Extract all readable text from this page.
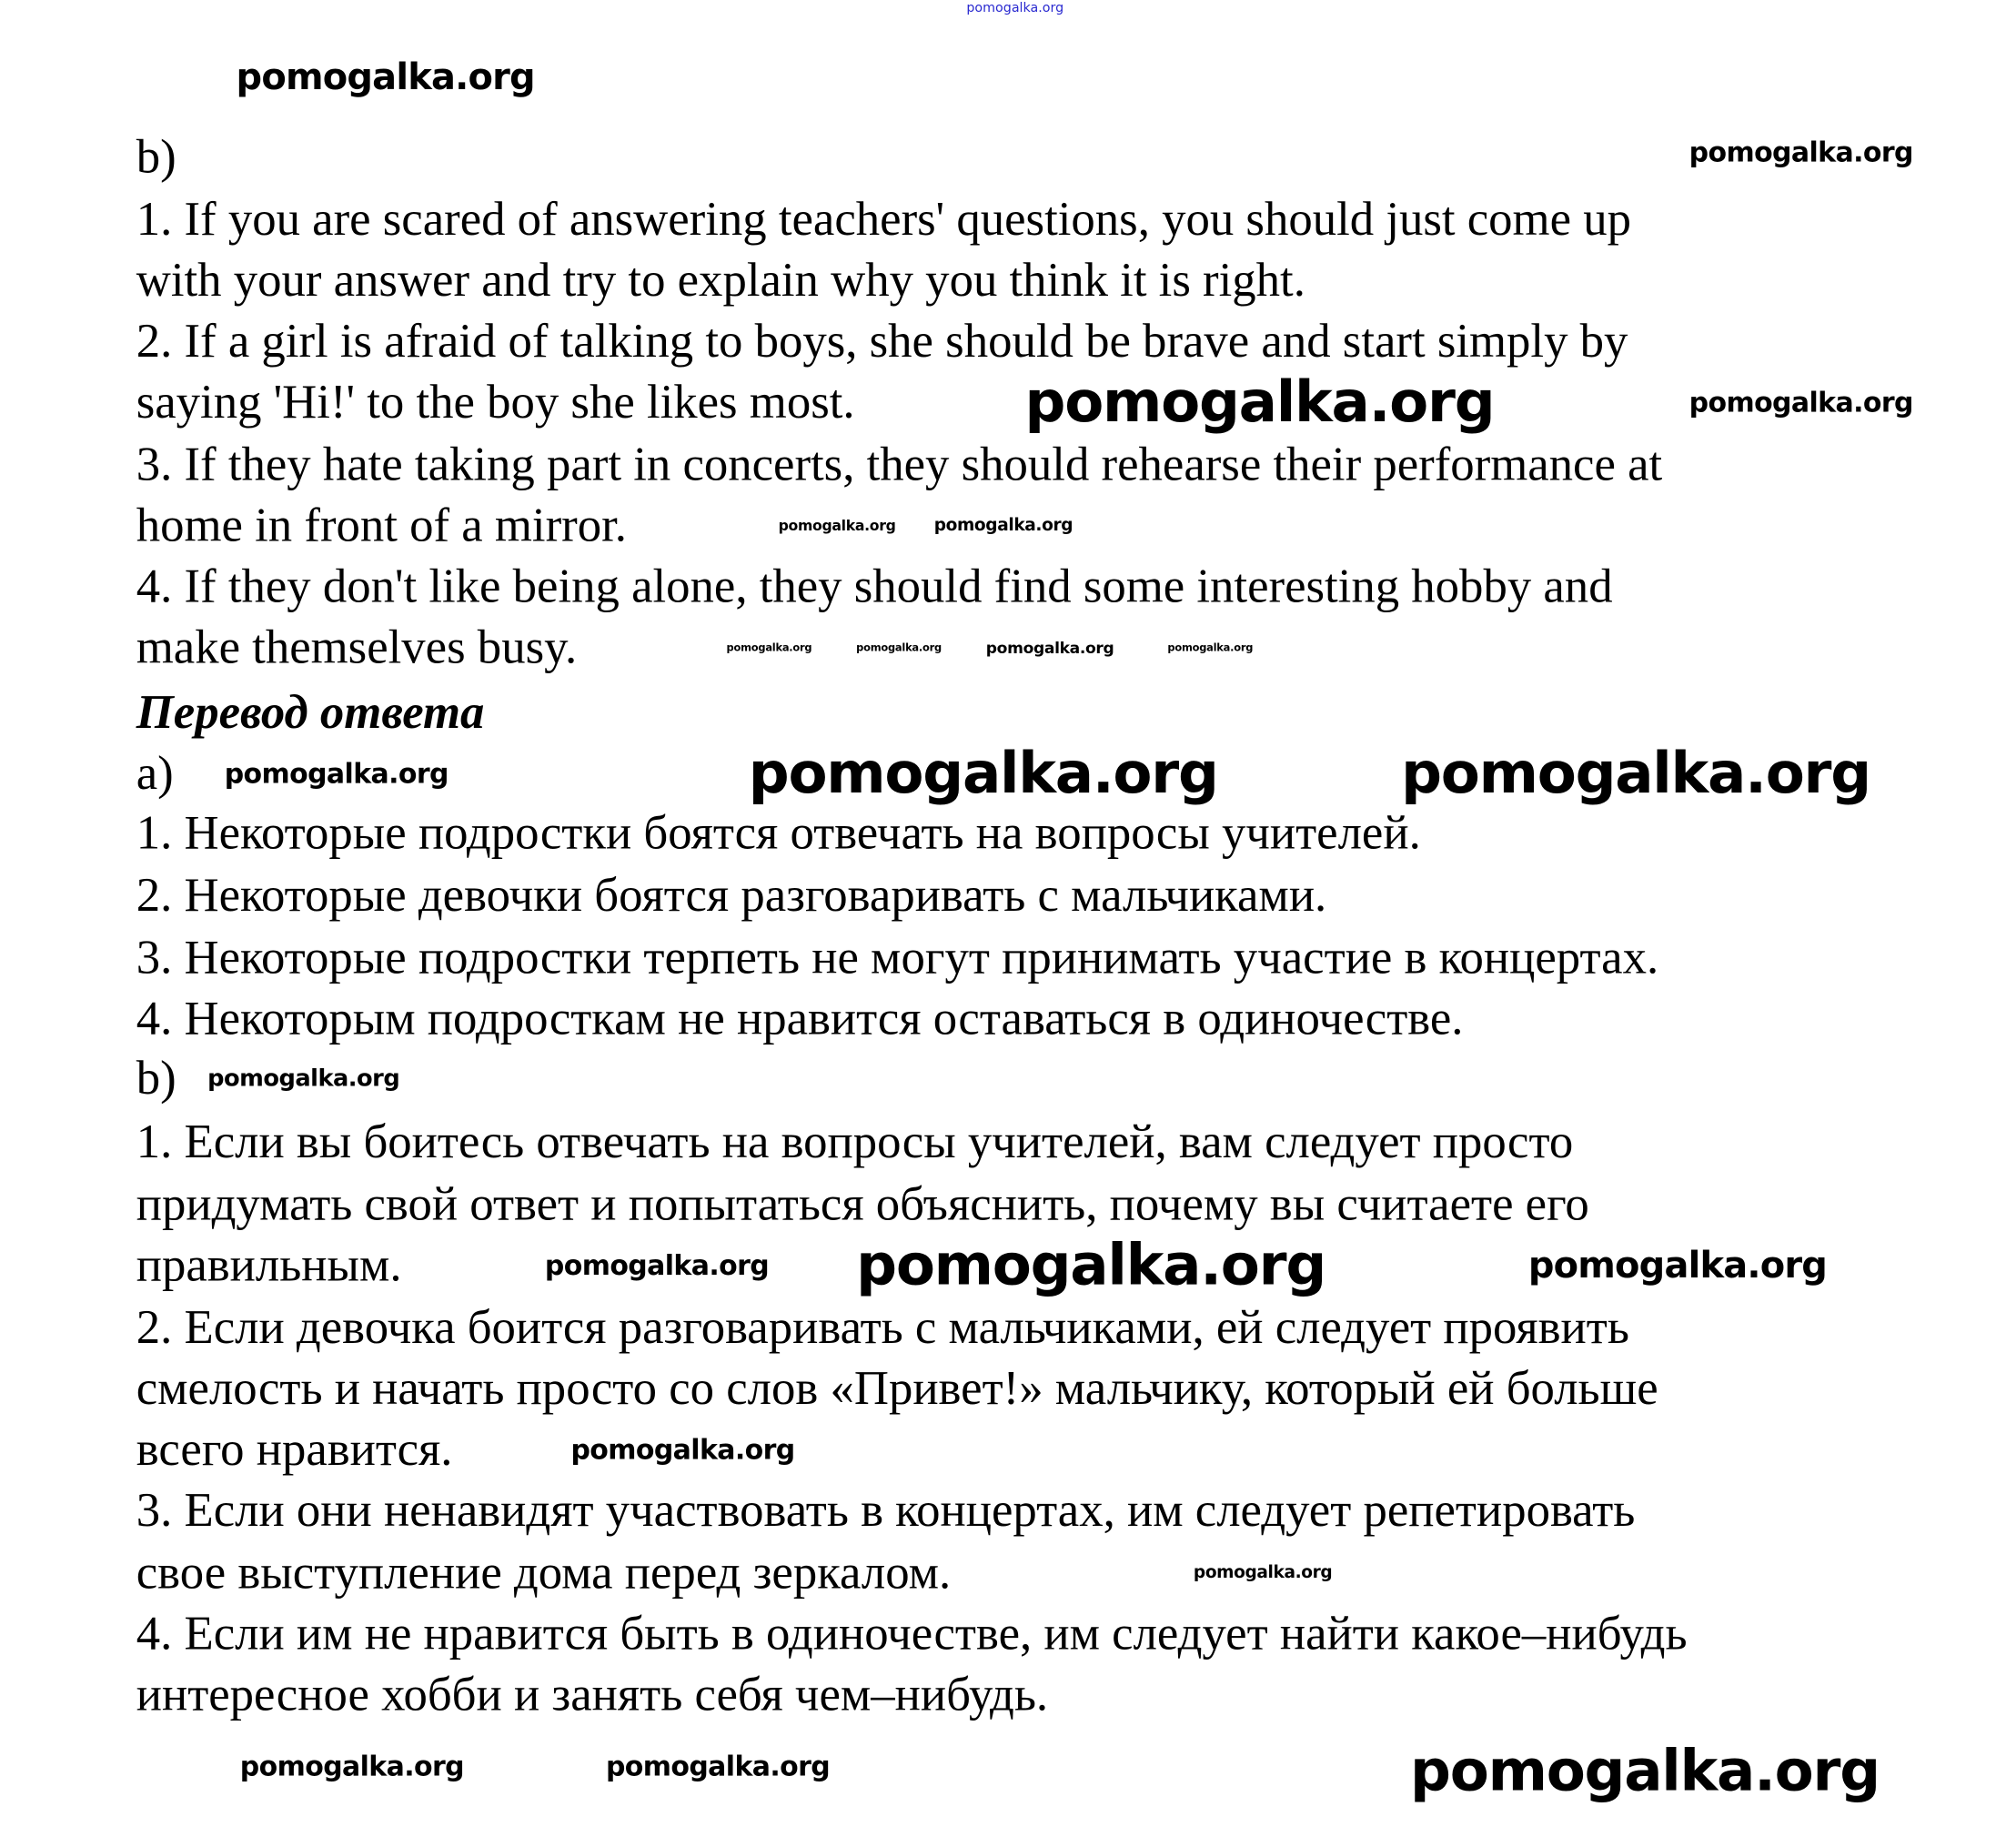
pomogalka.org
b)
1. If you are scared of answering teachers' questions, you should just come up
with your answer and try to explain why you think it is right.
2. If a girl is afraid of talking to boys, she should be brave and start simply by
saying 'Hi!' to the boy she likes most.
3. If they hate taking part in concerts, they should rehearse their performance at
home in front of a mirror.
4. If they don't like being alone, they should find some interesting hobby and
make themselves busy.
Перевод ответа
a)
1. Некоторые подростки боятся отвечать на вопросы учителей.
2. Некоторые девочки боятся разговаривать с мальчиками.
3. Некоторые подростки терпеть не могут принимать участие в концертах.
4. Некоторым подросткам не нравится оставаться в одиночестве.
b)
1. Если вы боитесь отвечать на вопросы учителей, вам следует просто
придумать свой ответ и попытаться объяснить, почему вы считаете его
правильным.
2. Если девочка боится разговаривать с мальчиками, ей следует проявить
смелость и начать просто со слов «Привет!» мальчику, который ей больше
всего нравится.
3. Если они ненавидят участвовать в концертах, им следует репетировать
свое выступление дома перед зеркалом.
4. Если им не нравится быть в одиночестве, им следует найти какое–нибудь
интересное хобби и занять себя чем–нибудь.
pomogalka.org
pomogalka.org
pomogalka.org
pomogalka.org
pomogalka.org	pomogalka.org
pomogalka.org	pomogalka.org	pomogalka.org	pomogalka.org
pomogalka.org	pomogalka.org	pomogalka.org
pomogalka.org
pomogalka.org pomogalka.org	pomogalka.org
pomogalka.org
pomogalka.org
pomogalka.org	pomogalka.org	pomogalka.org
